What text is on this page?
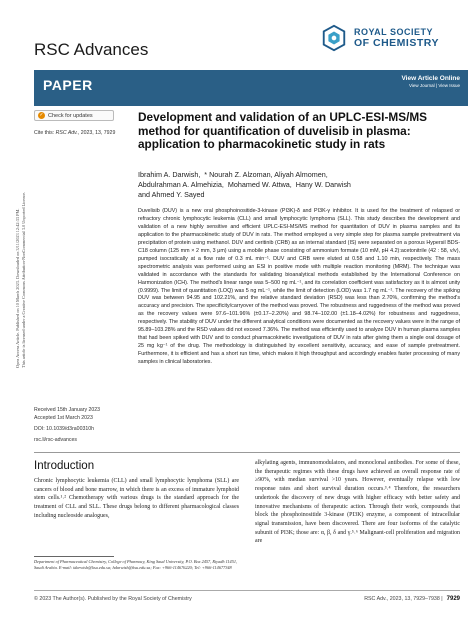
RSC Advances
ROYAL SOCIETY
OF CHEMISTRY
PAPER	View Article Online
View Journal | View Issue
Open Access Article. Published on 10 March 2023. Downloaded on 3/11/2023 12:42:33 PM. This article is licensed under a Creative Commons Attribution-NonCommercial 3.0 Unported Licence.
✓ Check for updates
Cite this: RSC Adv., 2023, 13, 7929
Development and validation of an UPLC-ESI-MS/MS method for quantification of duvelisib in plasma: application to pharmacokinetic study in rats
Ibrahim A. Darwish,  * Nourah Z. Alzoman, Aliyah Almomen,
Abdulrahman A. Almehizia,  Mohamed W. Attwa,  Hany W. Darwish
and Ahmed Y. Sayed
Duvelisib (DUV) is a new oral phosphoinositide-3-kinase (PI3K)-δ and PI3K-γ inhibitor. It is used for the treatment of relapsed or refractory chronic lymphocytic leukemia (CLL) and small lymphocytic lymphoma (SLL). This study describes the development and validation of a new highly sensitive and efficient UPLC-ESI-MS/MS method for quantitation of DUV in plasma samples and its application to the pharmacokinetic study of DUV in rats. The method employed a very simple step for plasma sample pretreatment via precipitation of protein using methanol. DUV and ceritinib (CRB) as an internal standard (IS) were separated on a porous Hypersil BDS-C18 column (125 mm × 2 mm, 3 μm) using a mobile phase consisting of ammonium formate (10 mM, pH 4.2):acetonitrile (42 : 58, v/v), pumped isocratically at a flow rate of 0.3 mL min⁻¹. DUV and CRB were eluted at 0.58 and 1.10 min, respectively. The mass spectrometric analysis was performed using an ESI in positive mode with multiple reaction monitoring (MRM). The technique was validated in accordance with the standards for validating bioanalytical methods established by the International Conference on Harmonization (ICH). The method's linear range was 5–500 ng mL⁻¹, and its correlation coefficient was satisfactory as it is almost unity (0.9999). The limit of quantitation (LOQ) was 5 ng mL⁻¹, while the limit of detection (LOD) was 1.7 ng mL⁻¹. The recovery of the spiking DUV was between 94.95 and 102.21%, and the relative standard deviation (RSD) was less than 2.70%, confirming the method's accuracy and precision. The specificity/carryover of the method was proved. The robustness and ruggedness of the method was proved as the recovery values were 97.6–101.96% (±0.17–2.20%) and 98.74–102.00 (±1.18–4.02%) for robustness and ruggedness, respectively. The stability of DUV under the different analytical conditions were documented as the recovery values were in the range of 95.89–103.28% and the RSD values did not exceed 7.36%. The method was efficiently used to analyze DUV in human plasma samples that had been spiked with DUV and to conduct pharmacokinetic investigations of DUV in rats after giving them a single oral dosage of 25 mg kg⁻¹ of the drug. The methodology is distinguished by excellent sensitivity, accuracy, and ease of sample pretreatment. Furthermore, it is efficient and has a short run time, which makes it high throughput and accordingly enables faster processing of many samples in clinical laboratories.
Received 15th January 2023
Accepted 1st March 2023
DOI: 10.1039/d3ra00310h
rsc.li/rsc-advances
Introduction
Chronic lymphocytic leukemia (CLL) and small lymphocytic lymphoma (SLL) are cancers of blood and bone marrow, in which there is an excess of immature lymphoid stem cells.¹˒² Chemotherapy with various drugs is the standard approach for the treatment of CLL and SLL. These drugs belong to different pharmacological classes including nucleoside analogues,
alkylating agents, immunomodulators, and monoclonal antibodies. For some of these, the therapeutic regimes with these drugs have achieved an overall response rate of ≥90%, with median survival >10 years. However, eventually relapse with low response rates and short survival duration occurs.³˒⁴ Therefore, the researchers undertook the discovery of new drugs with higher efficacy with better safety and innovative mechanisms of therapeutic action. Through their work, compounds that block the phosphoinositide 3-kinase (PI3K) enzyme, a component of intracellular signal transmission, have been discovered. There are four isoforms of the catalytic subunit of PI3K; those are: α, β, δ and γ.⁵˒⁶ Malignant-cell proliferation and migration are
Department of Pharmaceutical Chemistry, College of Pharmacy, King Saud University, P.O. Box 2457, Riyadh 11451, Saudi Arabia. E-mail: idarwish@ksu.edu.sa; hdarwish@ksu.edu.sa; Fax: +966-114676220; Tel: +966-114677348
© 2023 The Author(s). Published by the Royal Society of Chemistry	RSC Adv., 2023, 13, 7929–7938 | 7929
